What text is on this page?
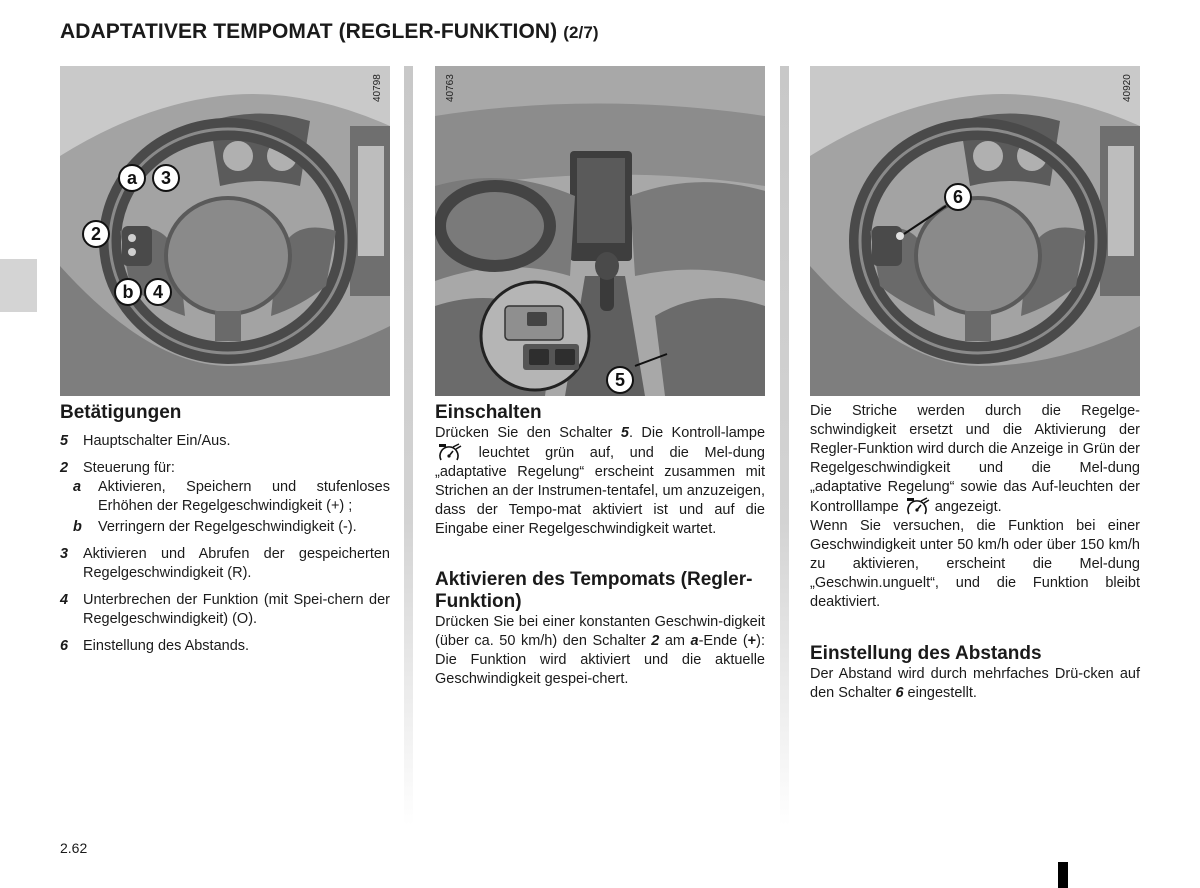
ADAPTATIVER TEMPOMAT (REGLER-FUNKTION) (2/7)
40798
a	3
2
b	4
40763
5
40920
6
Betätigungen
5 Hauptschalter Ein/Aus.
2 Steuerung für:
a Aktivieren, Speichern und stufenloses Erhöhen der Regelgeschwindigkeit (+) ;
b Verringern der Regelgeschwindigkeit (-).
3 Aktivieren und Abrufen der gespeicherten Regelgeschwindigkeit (R).
4 Unterbrechen der Funktion (mit Spei-chern der Regelgeschwindigkeit) (O).
6 Einstellung des Abstands.
Einschalten
Drücken Sie den Schalter 5. Die Kontroll-lampe  leuchtet grün auf, und die Mel-dung „adaptative Regelung“ erscheint zusammen mit Strichen an der Instrumen-tentafel, um anzuzeigen, dass der Tempo-mat aktiviert ist und auf die Eingabe einer Regelgeschwindigkeit wartet.
Aktivieren des Tempomats (Regler-Funktion)
Drücken Sie bei einer konstanten Geschwin-digkeit (über ca. 50 km/h) den Schalter 2 am a-Ende (+): Die Funktion wird aktiviert und die aktuelle Geschwindigkeit gespei-chert.
Die Striche werden durch die Regelge-schwindigkeit ersetzt und die Aktivierung der Regler-Funktion wird durch die Anzeige in Grün der Regelgeschwindigkeit und die Mel-dung „adaptative Regelung“ sowie das Auf-leuchten der Kontrolllampe angezeigt.
Wenn Sie versuchen, die Funktion bei einer Geschwindigkeit unter 50 km/h oder über 150 km/h zu aktivieren, erscheint die Mel-dung „Geschwin.unguelt“, und die Funktion bleibt deaktiviert.
Einstellung des Abstands
Der Abstand wird durch mehrfaches Drü-cken auf den Schalter 6 eingestellt.
2.62
